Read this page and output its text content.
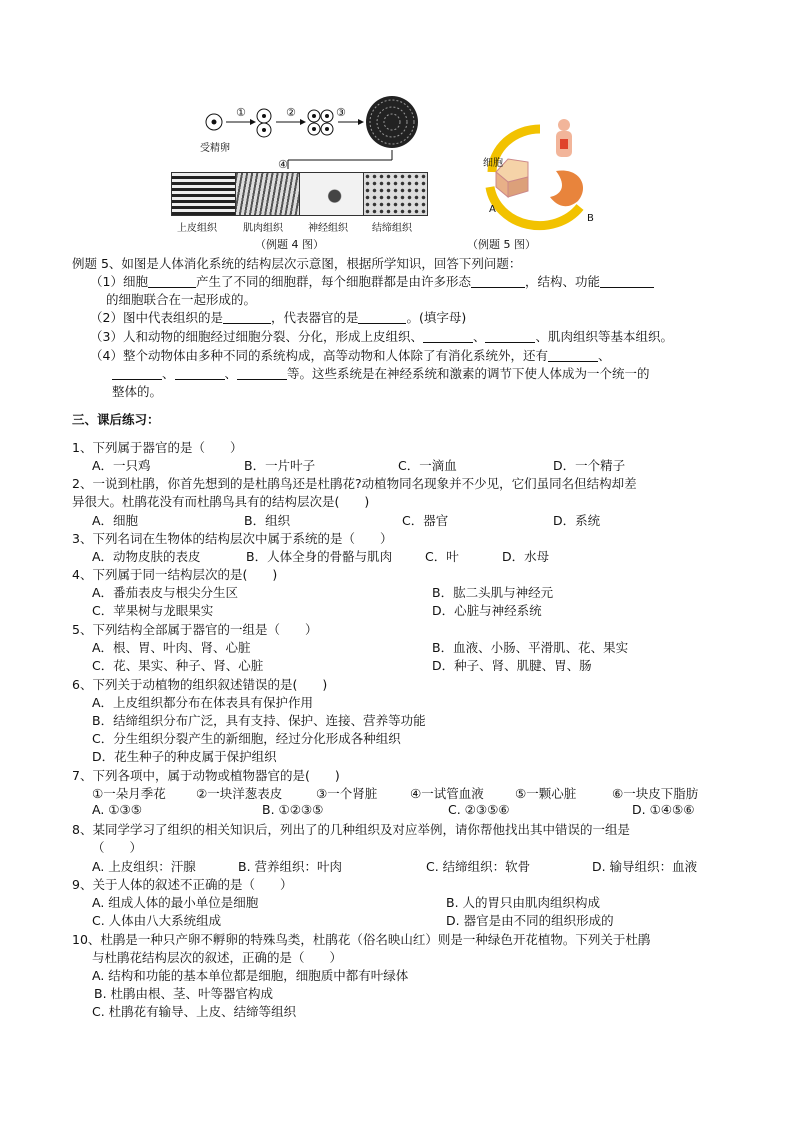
①	②	③
④
受精卵
上皮组织	肌肉组织	神经组织 结缔组织
（例题 4 图）
细胞
A
B
（例题 5 图）
例题 5、如图是人体消化系统的结构层次示意图，根据所学知识，回答下列问题：
（1）细胞	产生了不同的细胞群，每个细胞群都是由许多形态	，结构、功能
的细胞联合在一起形成的。
（2）图中代表组织的是	，代表器官的是	。(填字母)
（3）人和动物的细胞经过细胞分裂、分化，形成上皮组织、	、	、肌肉组织等基本组织。
（4）整个动物体由多种不同的系统构成，高等动物和人体除了有消化系统外，还有	、
、	、	等。这些系统是在神经系统和激素的调节下使人体成为一个统一的
整体的。
三、课后练习：
1、下列属于器官的是（　　）
A．一只鸡	B．一片叶子	C．一滴血	D．一个精子
2、一说到杜鹃，你首先想到的是杜鹃鸟还是杜鹃花?动植物同名现象并不少见，它们虽同名但结构却差
异很大。杜鹃花没有而杜鹃鸟具有的结构层次是(　　)
A．细胞	B．组织	C．器官	D．系统
3、下列名词在生物体的结构层次中属于系统的是（　　）
A．动物皮肤的表皮	B．人体全身的骨骼与肌肉	C．叶	D．水母
4、下列属于同一结构层次的是(　　)
A．番茄表皮与根尖分生区	B．肱二头肌与神经元
C．苹果树与龙眼果实	D．心脏与神经系统
5、下列结构全部属于器官的一组是（　　）
A．根、胃、叶肉、肾、心脏	B．血液、小肠、平滑肌、花、果实
C．花、果实、种子、肾、心脏	D．种子、肾、肌腱、胃、肠
6、下列关于动植物的组织叙述错误的是(　　)
A．上皮组织都分布在体表具有保护作用
B．结缔组织分布广泛，具有支持、保护、连接、营养等功能
C．分生组织分裂产生的新细胞，经过分化形成各种组织
D．花生种子的种皮属于保护组织
7、下列各项中，属于动物或植物器官的是(　　)
①一朵月季花 ②一块洋葱表皮	③一个肾脏	④一试管血液	⑤一颗心脏	⑥一块皮下脂肪
A. ①③⑤	B. ①②③⑤	C. ②③⑤⑥	D. ①④⑤⑥
8、某同学学习了组织的相关知识后，列出了的几种组织及对应举例，请你帮他找出其中错误的一组是
（　　）
A. 上皮组织：汗腺	B. 营养组织：叶肉	C. 结缔组织：软骨	D. 输导组织：血液
9、关于人体的叙述不正确的是（　　）
A. 组成人体的最小单位是细胞	B. 人的胃只由肌肉组织构成
C. 人体由八大系统组成	D. 器官是由不同的组织形成的
10、杜鹃是一种只产卵不孵卵的特殊鸟类，杜鹃花（俗名映山红）则是一种绿色开花植物。下列关于杜鹃
与杜鹃花结构层次的叙述，正确的是（　　）
A. 结构和功能的基本单位都是细胞，细胞质中都有叶绿体
B. 杜鹃由根、茎、叶等器官构成
C. 杜鹃花有输导、上皮、结缔等组织
